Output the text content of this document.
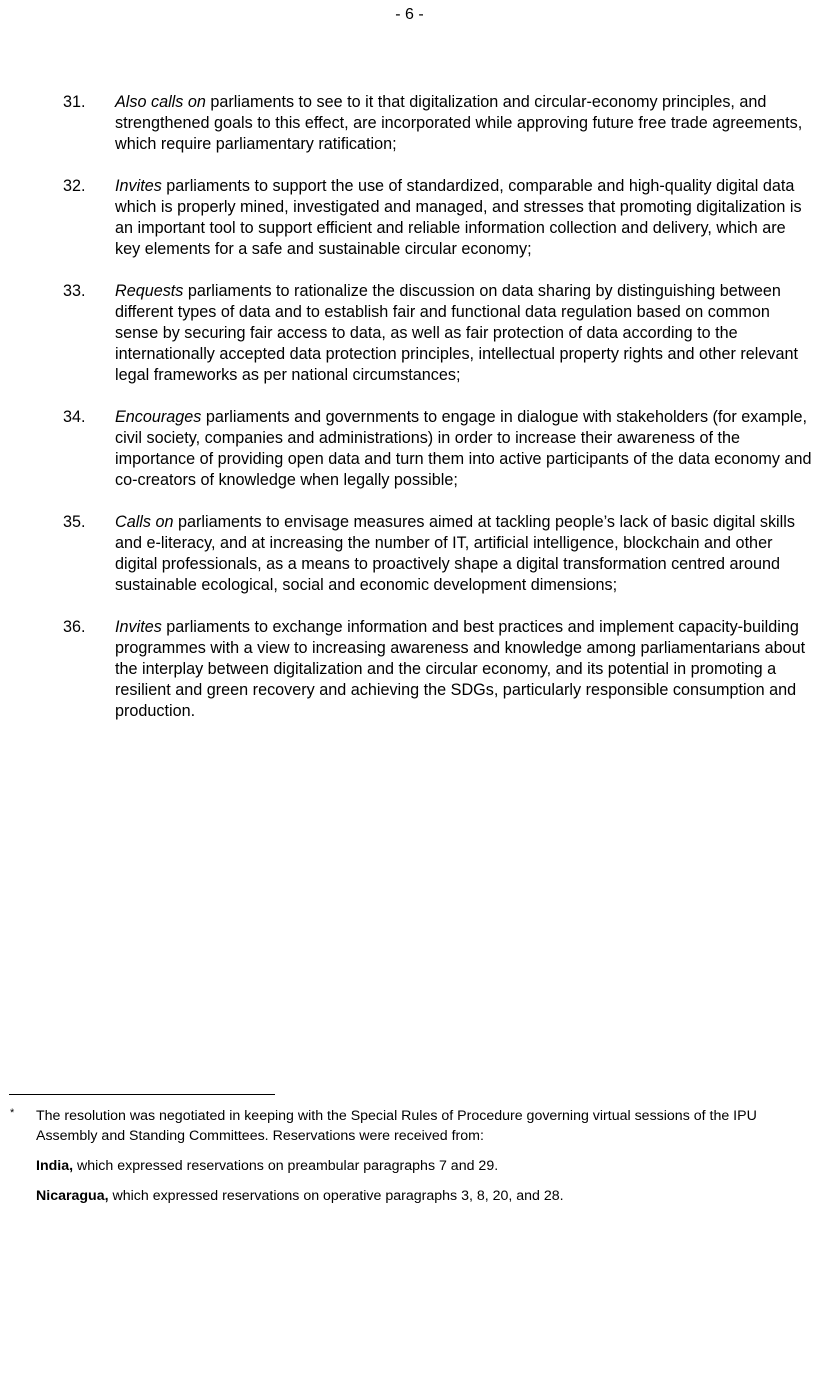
- 6 -
31. Also calls on parliaments to see to it that digitalization and circular-economy principles, and strengthened goals to this effect, are incorporated while approving future free trade agreements, which require parliamentary ratification;
32. Invites parliaments to support the use of standardized, comparable and high-quality digital data which is properly mined, investigated and managed, and stresses that promoting digitalization is an important tool to support efficient and reliable information collection and delivery, which are key elements for a safe and sustainable circular economy;
33. Requests parliaments to rationalize the discussion on data sharing by distinguishing between different types of data and to establish fair and functional data regulation based on common sense by securing fair access to data, as well as fair protection of data according to the internationally accepted data protection principles, intellectual property rights and other relevant legal frameworks as per national circumstances;
34. Encourages parliaments and governments to engage in dialogue with stakeholders (for example, civil society, companies and administrations) in order to increase their awareness of the importance of providing open data and turn them into active participants of the data economy and co-creators of knowledge when legally possible;
35. Calls on parliaments to envisage measures aimed at tackling people’s lack of basic digital skills and e-literacy, and at increasing the number of IT, artificial intelligence, blockchain and other digital professionals, as a means to proactively shape a digital transformation centred around sustainable ecological, social and economic development dimensions;
36. Invites parliaments to exchange information and best practices and implement capacity-building programmes with a view to increasing awareness and knowledge among parliamentarians about the interplay between digitalization and the circular economy, and its potential in promoting a resilient and green recovery and achieving the SDGs, particularly responsible consumption and production.
* The resolution was negotiated in keeping with the Special Rules of Procedure governing virtual sessions of the IPU Assembly and Standing Committees. Reservations were received from:
India, which expressed reservations on preambular paragraphs 7 and 29.
Nicaragua, which expressed reservations on operative paragraphs 3, 8, 20, and 28.
